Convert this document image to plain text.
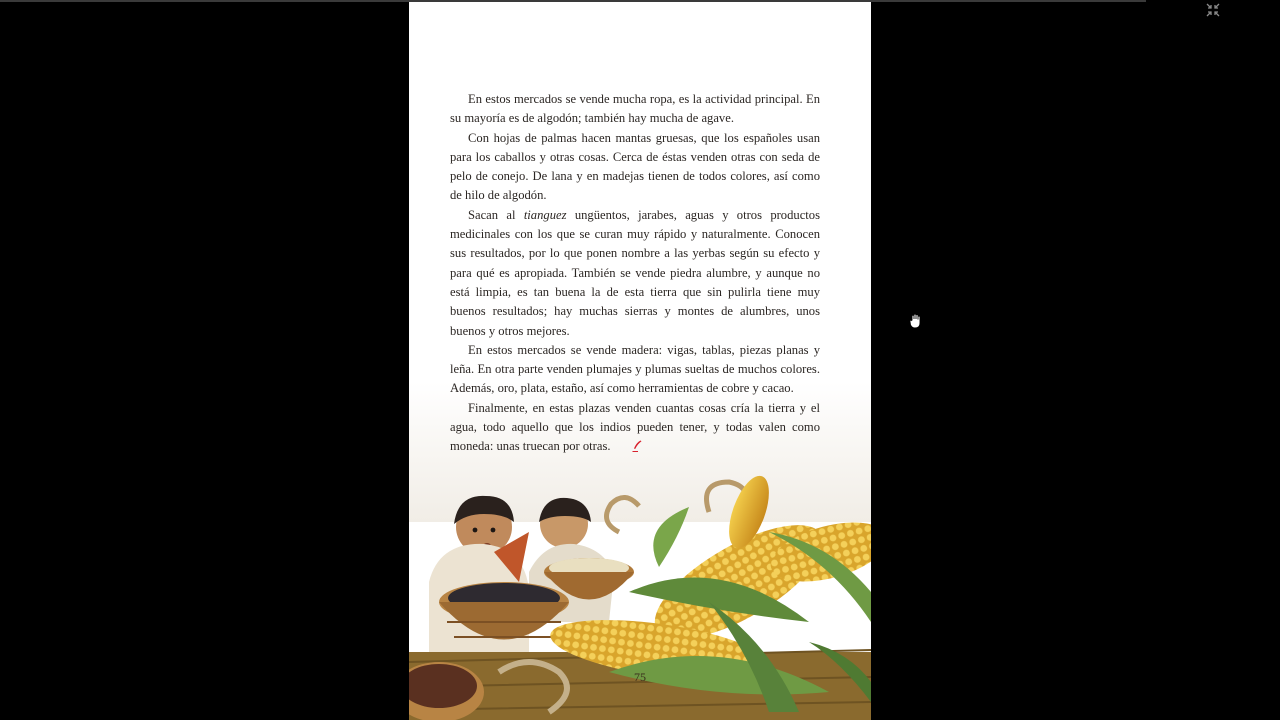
En estos mercados se vende mucha ropa, es la actividad principal. En su mayoría es de algodón; también hay mucha de agave.

Con hojas de palmas hacen mantas gruesas, que los españoles usan para los caballos y otras cosas. Cerca de éstas venden otras con seda de pelo de conejo. De lana y en madejas tienen de todos colores, así como de hilo de algodón.

Sacan al tianguez ungüentos, jarabes, aguas y otros productos medicinales con los que se curan muy rápido y naturalmente. Conocen sus resultados, por lo que ponen nombre a las yerbas según su efecto y para qué es apropiada. También se vende piedra alumbre, y aunque no está limpia, es tan buena la de esta tierra que sin pulirla tiene muy buenos resultados; hay muchas sierras y montes de alumbres, unos buenos y otros mejores.

En estos mercados se vende madera: vigas, tablas, piezas planas y leña. En otra parte venden plumajes y plumas sueltas de muchos colores. Además, oro, plata, estaño, así como herramientas de cobre y cacao.

Finalmente, en estas plazas venden cuantas cosas cría la tierra y el agua, todo aquello que los indios pueden tener, y todas valen como moneda: unas truecan por otras.

75
